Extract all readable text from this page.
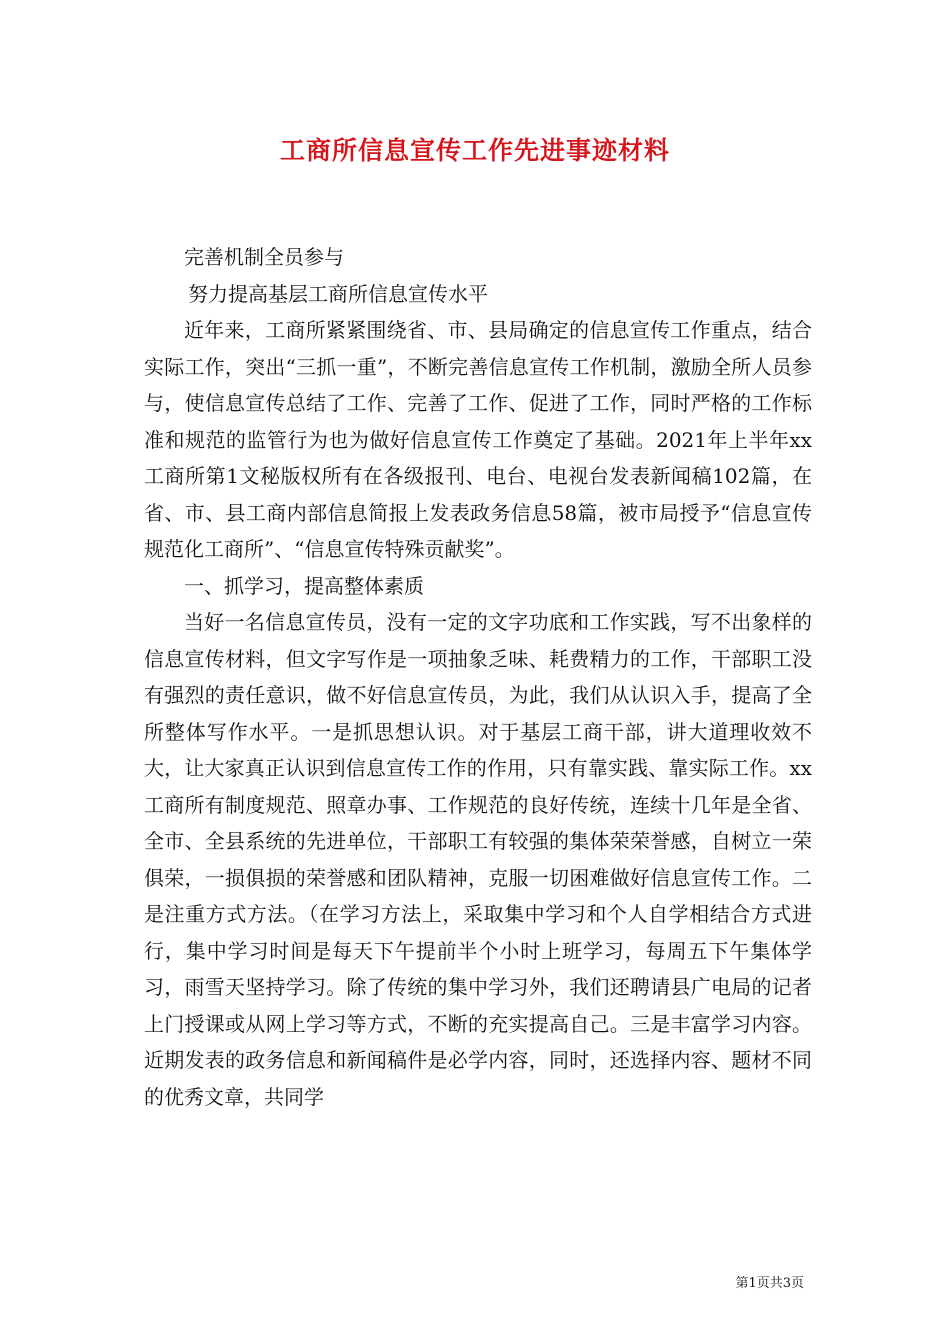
工商所信息宣传工作先进事迹材料

完善机制全员参与

努力提高基层工商所信息宣传水平

近年来，工商所紧紧围绕省、市、县局确定的信息宣传工作重点，结合实际工作，突出“三抓一重”，不断完善信息宣传工作机制，激励全所人员参与，使信息宣传总结了工作、完善了工作、促进了工作，同时严格的工作标准和规范的监管行为也为做好信息宣传工作奠定了基础。2021年上半年xx工商所第1文秘版权所有在各级报刊、电台、电视台发表新闻稿102篇，在省、市、县工商内部信息简报上发表政务信息58篇，被市局授予“信息宣传规范化工商所”、“信息宣传特殊贡献奖”。

一、抓学习，提高整体素质

当好一名信息宣传员，没有一定的文字功底和工作实践，写不出象样的信息宣传材料，但文字写作是一项抽象乏味、耗费精力的工作，干部职工没有强烈的责任意识，做不好信息宣传员，为此，我们从认识入手，提高了全所整体写作水平。一是抓思想认识。对于基层工商干部，讲大道理收效不大，让大家真正认识到信息宣传工作的作用，只有靠实践、靠实际工作。xx工商所有制度规范、照章办事、工作规范的良好传统，连续十几年是全省、全市、全县系统的先进单位，干部职工有较强的集体荣荣誉感，自树立一荣俱荣，一损俱损的荣誉感和团队精神，克服一切困难做好信息宣传工作。二是注重方式方法。（在学习方法上，采取集中学习和个人自学相结合方式进行，集中学习时间是每天下午提前半个小时上班学习，每周五下午集体学习，雨雪天坚持学习。除了传统的集中学习外，我们还聘请县广电局的记者上门授课或从网上学习等方式，不断的充实提高自己。三是丰富学习内容。近期发表的政务信息和新闻稿件是必学内容，同时，还选择内容、题材不同的优秀文章，共同学

第1页共3页
